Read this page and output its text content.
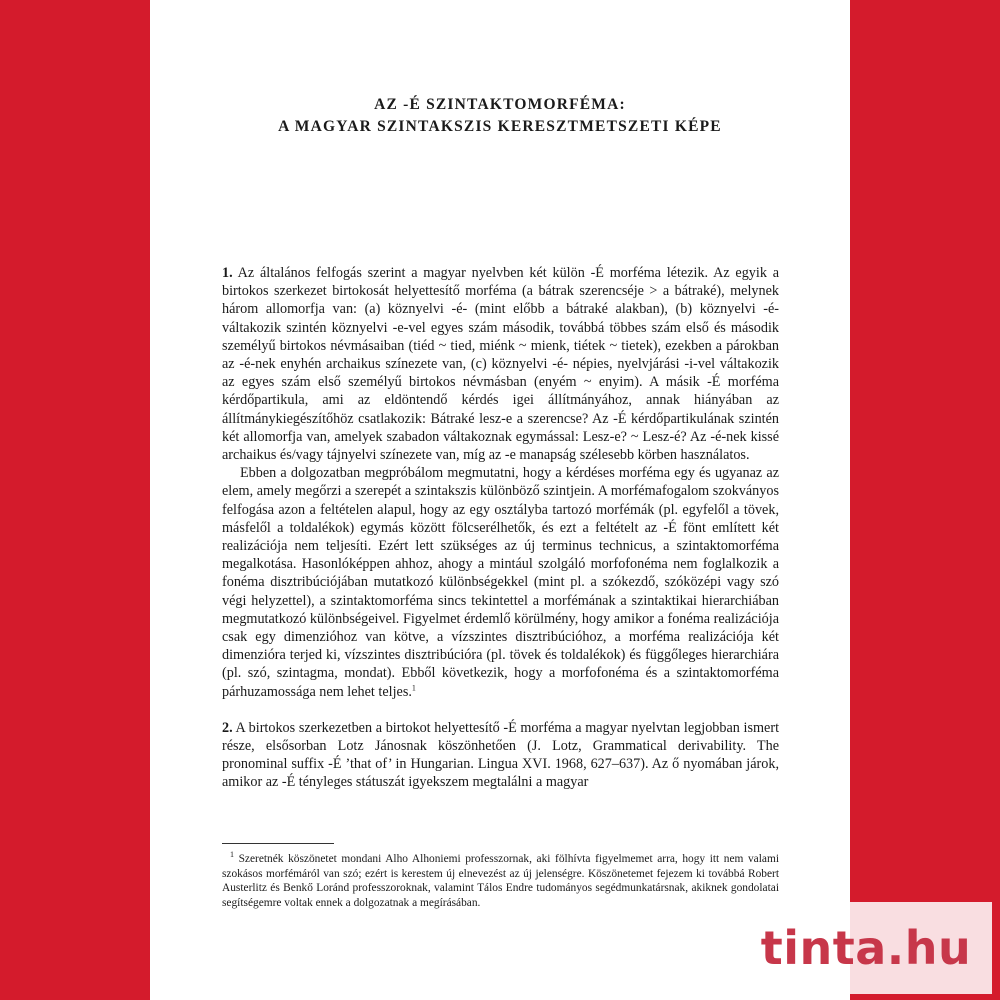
AZ -É SZINTAKTOMORFÉMA:
A MAGYAR SZINTAKSZIS KERESZTMETSZETI KÉPE

1. Az általános felfogás szerint a magyar nyelvben két külön -É morféma létezik. Az egyik a birtokos szerkezet birtokosát helyettesítő morféma (a bátrak szerencséje > a bátraké), melynek három allomorfja van: (a) köznyelvi -é- (mint előbb a bátraké alakban), (b) köznyelvi -é- váltakozik szintén köznyelvi -e-vel egyes szám második, továbbá többes szám első és második személyű birtokos névmásaiban (tiéd ~ tied, miénk ~ mienk, tiétek ~ tietek), ezekben a párokban az -é-nek enyhén archaikus színezete van, (c) köznyelvi -é- népies, nyelvjárási -i-vel váltakozik az egyes szám első személyű birtokos névmásban (enyém ~ enyim). A másik -É morféma kérdőpartikula, ami az eldöntendő kérdés igei állítmányához, annak hiányában az állítmánykiegészítőhöz csatlakozik: Bátraké lesz-e a szerencse? Az -É kérdőpartikulának szintén két allomorfja van, amelyek szabadon váltakoznak egymással: Lesz-e? ~ Lesz-é? Az -é-nek kissé archaikus és/vagy tájnyelvi színezete van, míg az -e manapság szélesebb körben használatos.

Ebben a dolgozatban megpróbálom megmutatni, hogy a kérdéses morféma egy és ugyanaz az elem, amely megőrzi a szerepét a szintakszis különböző szintjein. A morfémafogalom szokványos felfogása azon a feltételen alapul, hogy az egy osztályba tartozó morfémák (pl. egyfelől a tövek, másfelől a toldalékok) egymás között fölcserélhetők, és ezt a feltételt az -É fönt említett két realizációja nem teljesíti. Ezért lett szükséges az új terminus technicus, a szintaktomorféma megalkotása. Hasonlóképpen ahhoz, ahogy a mintául szolgáló morfofonéma nem foglalkozik a fonéma disztribúciójában mutatkozó különbségekkel (mint pl. a szókezdő, szóközépi vagy szó végi helyzettel), a szintaktomorféma sincs tekintettel a morfémának a szintaktikai hierarchiában megmutatkozó különbségeivel. Figyelmet érdemlő körülmény, hogy amikor a fonéma realizációja csak egy dimenzióhoz van kötve, a vízszintes disztribúcióhoz, a morféma realizációja két dimenzióra terjed ki, vízszintes disztribúcióra (pl. tövek és toldalékok) és függőleges hierarchiára (pl. szó, szintagma, mondat). Ebből következik, hogy a morfofonéma és a szintaktomorféma párhuzamossága nem lehet teljes.$^1$

2. A birtokos szerkezetben a birtokot helyettesítő -É morféma a magyar nyelvtan legjobban ismert része, elsősorban Lotz Jánosnak köszönhetően (J. Lotz, Grammatical derivability. The pronominal suffix -É ’that of’ in Hungarian. Lingua XVI. 1968, 627–637). Az ő nyomában járok, amikor az -É tényleges státuszát igyekszem megtalálni a magyar

$^1$ Szeretnék köszönetet mondani Alho Alhoniemi professzornak, aki fölhívta figyelmemet arra, hogy itt nem valami szokásos morfémáról van szó; ezért is kerestem új elnevezést az új jelenségre. Köszönetemet fejezem ki továbbá Robert Austerlitz és Benkő Loránd professzoroknak, valamint Tálos Endre tudományos segédmunkatársnak, akiknek gondolatai segítségemre voltak ennek a dolgozatnak a megírásában.

tinta.hu
